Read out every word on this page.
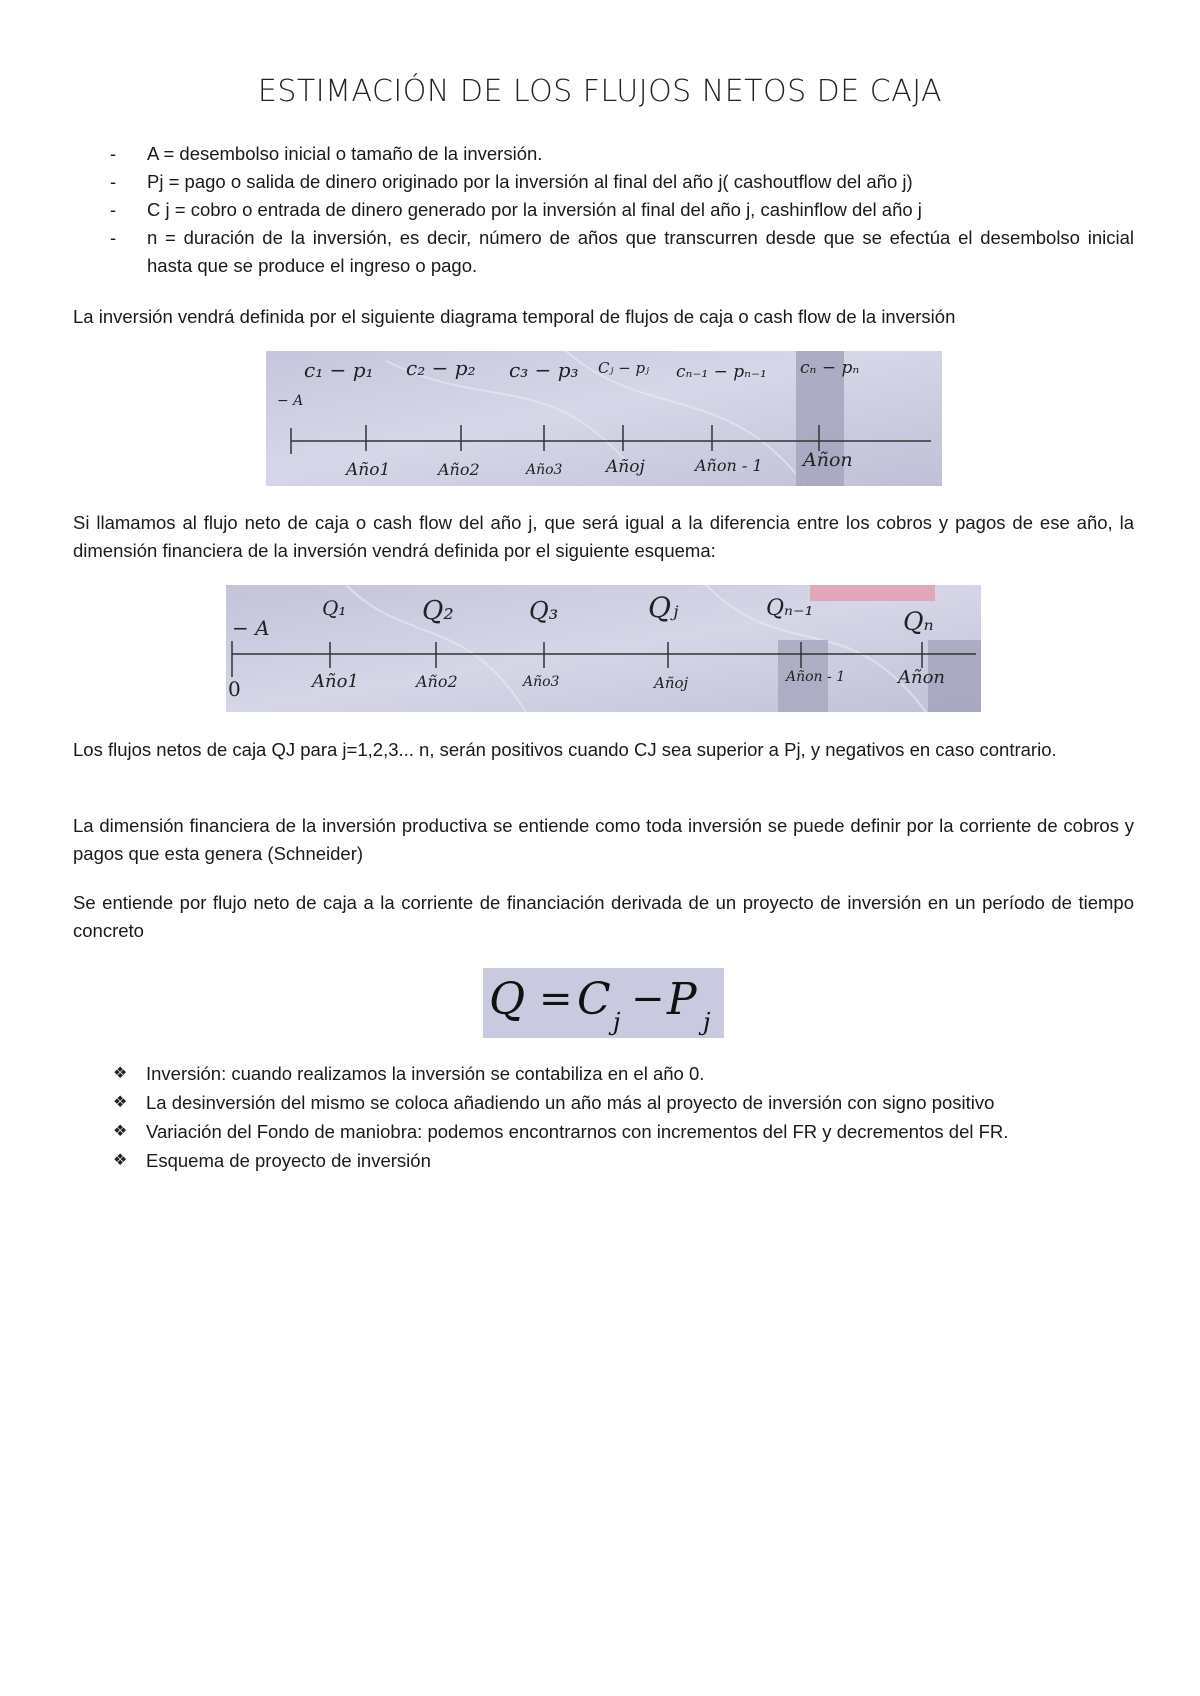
ESTIMACIÓN DE LOS FLUJOS NETOS DE CAJA
- A = desembolso inicial o tamaño de la inversión.
- Pj = pago o salida de dinero originado por la inversión al final del año j( cashoutflow del año j)
- C j = cobro o entrada de dinero generado por la inversión al final del año j, cashinflow del año j
- n = duración de la inversión, es decir, número de años que transcurren desde que se efectúa el desembolso inicial hasta que se produce el ingreso o pago.

La inversión vendrá definida por el siguiente diagrama temporal de flujos de caja o cash flow de la inversión

− A
c₁ − p₁ c₂ − p₂ c₃ − p₃ Cⱼ − pⱼ cₙ₋₁ − pₙ₋₁ cₙ − pₙ
Año1	Año2	Año3	Añoj	Añon - 1 Añon

Si llamamos al flujo neto de caja o cash flow del año j, que será igual a la diferencia entre los cobros y pagos de ese año, la dimensión financiera de la inversión vendrá definida por el siguiente esquema:

− A
0
Q₁	Q₂	Q₃	Qⱼ	Qₙ₋₁	Qₙ
Año1	Año2	Año3	Añoj	Añon - 1	Añon

Los flujos netos de caja QJ para j=1,2,3... n, serán positivos cuando CJ sea superior a Pj, y negativos en caso contrario.

La dimensión financiera de la inversión productiva se entiende como toda inversión se puede definir por la corriente de cobros y pagos que esta genera (Schneider)

Se entiende por flujo neto de caja a la corriente de financiación derivada de un proyecto de inversión en un período de tiempo concreto

Q = C j − P j
❖ Inversión: cuando realizamos la inversión se contabiliza en el año 0.
❖ La desinversión del mismo se coloca añadiendo un año más al proyecto de inversión con signo positivo
❖ Variación del Fondo de maniobra: podemos encontrarnos con incrementos del FR y decrementos del FR.
❖ Esquema de proyecto de inversión
